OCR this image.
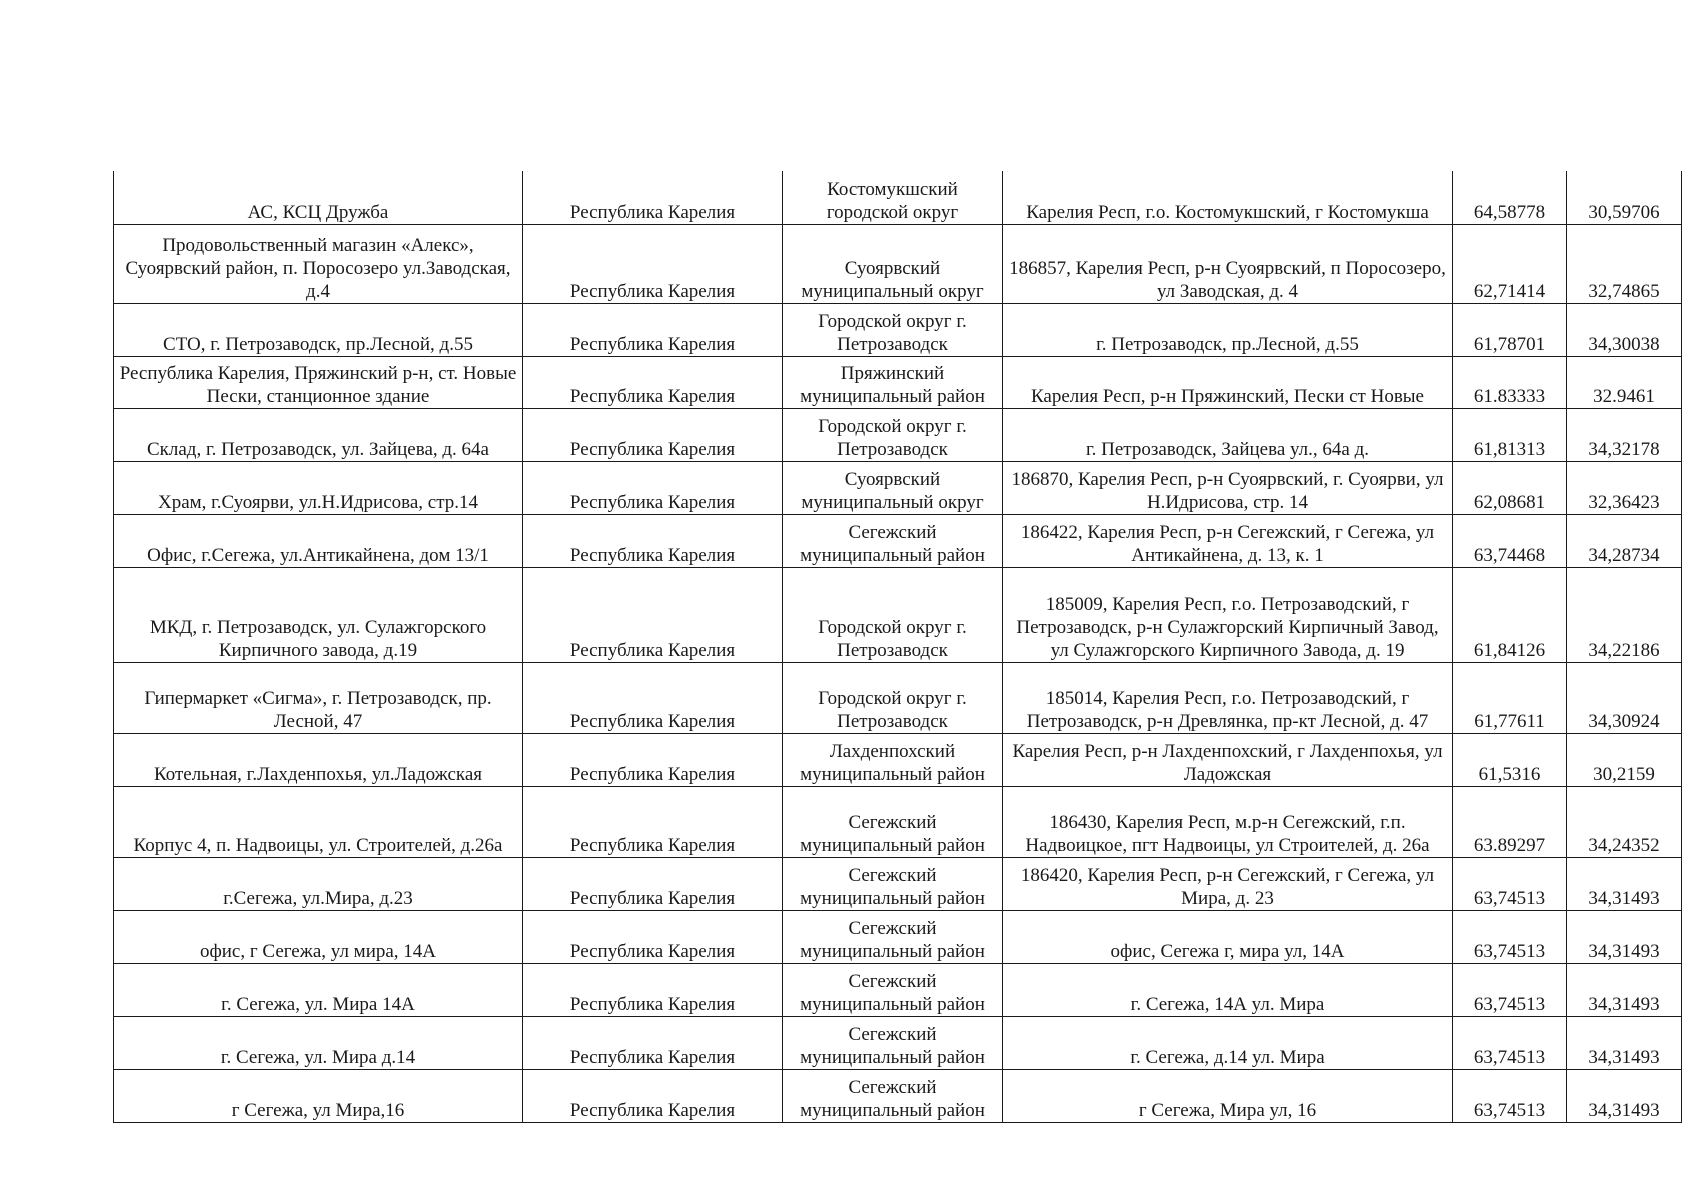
АС, КСЦ Дружба	Республика Карелия	Костомукшский городской округ	Карелия Респ, г.о. Костомукшский, г Костомукша	64,58778	30,59706
Продовольственный магазин «Алекс», Суоярвский район, п. Поросозеро ул.Заводская, д.4	Республика Карелия	Суоярвский муниципальный округ	186857, Карелия Респ, р-н Суоярвский, п Поросозеро, ул Заводская, д. 4	62,71414	32,74865
СТО, г. Петрозаводск, пр.Лесной, д.55	Республика Карелия	Городской округ г. Петрозаводск	г. Петрозаводск, пр.Лесной, д.55	61,78701	34,30038
Республика Карелия, Пряжинский р-н, ст. Новые Пески, станционное здание	Республика Карелия	Пряжинский муниципальный район	Карелия Респ, р-н Пряжинский, Пески ст Новые	61.83333	32.9461
Склад, г. Петрозаводск, ул. Зайцева, д. 64а	Республика Карелия	Городской округ г. Петрозаводск	г. Петрозаводск, Зайцева ул., 64а д.	61,81313	34,32178
Храм, г.Суоярви, ул.Н.Идрисова, стр.14	Республика Карелия	Суоярвский муниципальный округ	186870, Карелия Респ, р-н Суоярвский, г. Суоярви, ул Н.Идрисова, стр. 14	62,08681	32,36423
Офис, г.Сегежа, ул.Антикайнена, дом 13/1	Республика Карелия	Сегежский муниципальный район	186422, Карелия Респ, р-н Сегежский, г Сегежа, ул Антикайнена, д. 13, к. 1	63,74468	34,28734
МКД, г. Петрозаводск, ул. Сулажгорского Кирпичного завода, д.19	Республика Карелия	Городской округ г. Петрозаводск	185009, Карелия Респ, г.о. Петрозаводский, г Петрозаводск, р-н Сулажгорский Кирпичный Завод, ул Сулажгорского Кирпичного Завода, д. 19	61,84126	34,22186
Гипермаркет «Сигма», г. Петрозаводск, пр. Лесной, 47	Республика Карелия	Городской округ г. Петрозаводск	185014, Карелия Респ, г.о. Петрозаводский, г Петрозаводск, р-н Древлянка, пр-кт Лесной, д. 47	61,77611	34,30924
Котельная, г.Лахденпохья, ул.Ладожская	Республика Карелия	Лахденпохский муниципальный район	Карелия Респ, р-н Лахденпохский, г Лахденпохья, ул Ладожская	61,5316	30,2159
Корпус 4, п. Надвоицы, ул. Строителей, д.26а	Республика Карелия	Сегежский муниципальный район	186430, Карелия Респ, м.р-н Сегежский, г.п. Надвоицкое, пгт Надвоицы, ул Строителей, д. 26а	63.89297	34,24352
г.Сегежа, ул.Мира, д.23	Республика Карелия	Сегежский муниципальный район	186420, Карелия Респ, р-н Сегежский, г Сегежа, ул Мира, д. 23	63,74513	34,31493
офис, г Сегежа, ул мира, 14А	Республика Карелия	Сегежский муниципальный район	офис, Сегежа г, мира ул, 14А	63,74513	34,31493
г. Сегежа, ул. Мира 14А	Республика Карелия	Сегежский муниципальный район	г. Сегежа, 14А ул. Мира	63,74513	34,31493
г. Сегежа, ул. Мира д.14	Республика Карелия	Сегежский муниципальный район	г. Сегежа, д.14 ул. Мира	63,74513	34,31493
г Сегежа, ул Мира,16	Республика Карелия	Сегежский муниципальный район	г Сегежа, Мира ул, 16	63,74513	34,31493
